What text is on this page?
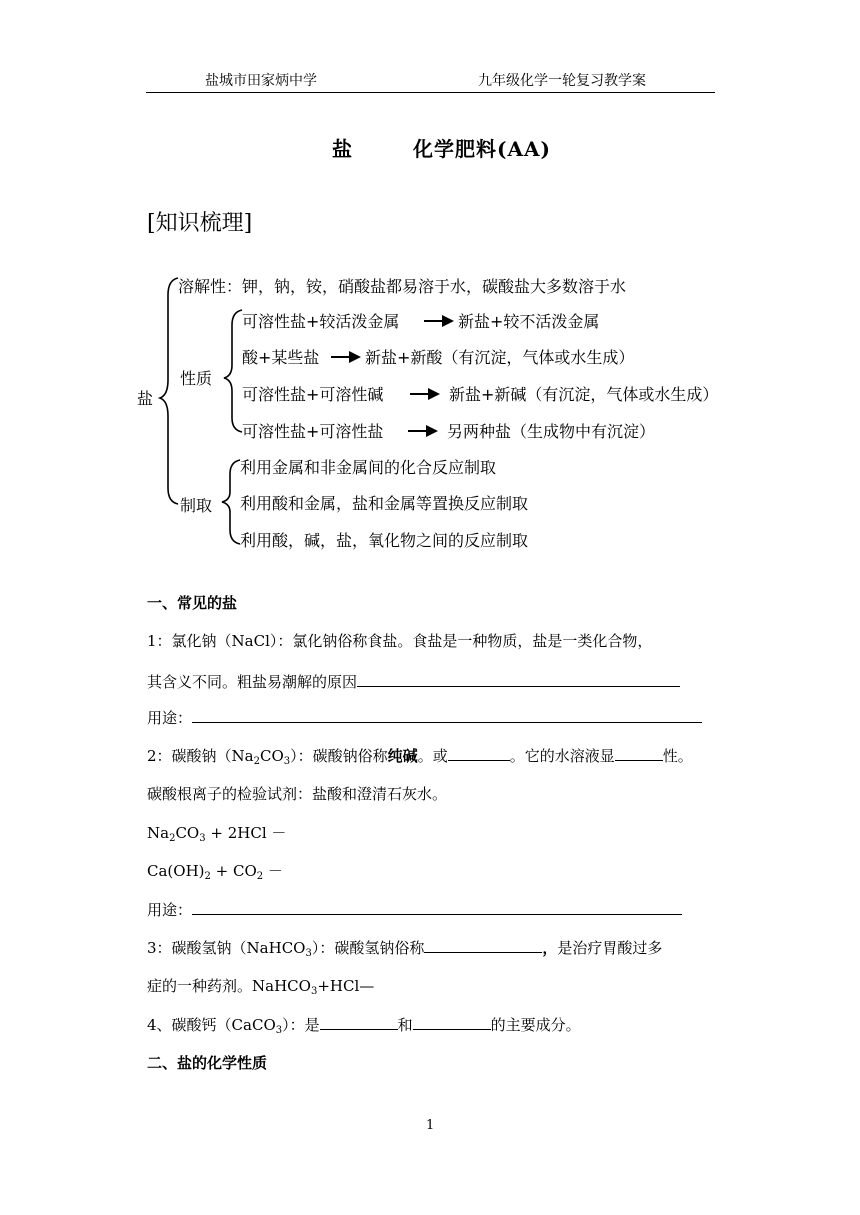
盐城市田家炳中学	九年级化学一轮复习教学案
盐	化学肥料(AA)
[知识梳理]
盐
溶解性：钾，钠，铵，硝酸盐都易溶于水，碳酸盐大多数溶于水
性质
制取
可溶性盐+较活泼金属	新盐+较不活泼金属
酸+某些盐	新盐+新酸（有沉淀，气体或水生成）
可溶性盐+可溶性碱	新盐+新碱（有沉淀，气体或水生成）
可溶性盐+可溶性盐	另两种盐（生成物中有沉淀）
利用金属和非金属间的化合反应制取
利用酸和金属，盐和金属等置换反应制取
利用酸，碱，盐，氧化物之间的反应制取
一、常见的盐
1：氯化钠（NaCl）：氯化钠俗称食盐。食盐是一种物质，盐是一类化合物，
其含义不同。粗盐易潮解的原因
用途：
2：碳酸钠$(Na_2CO_3)$：碳酸钠俗称纯碱。或	。它的水溶液显	性。
碳酸根离子的检验试剂：盐酸和澄清石灰水。
$Na_2CO_3 + 2HCl$ －
$Ca(OH)_2 + CO_2$ －
用途：
3：碳酸氢钠（NaHCO$_3$）：碳酸氢钠俗称	，是治疗胃酸过多
症的一种药剂。NaHCO$_3$+HCl—
4、碳酸钙（CaCO$_3$）：是	和	的主要成分。
二、盐的化学性质
1
